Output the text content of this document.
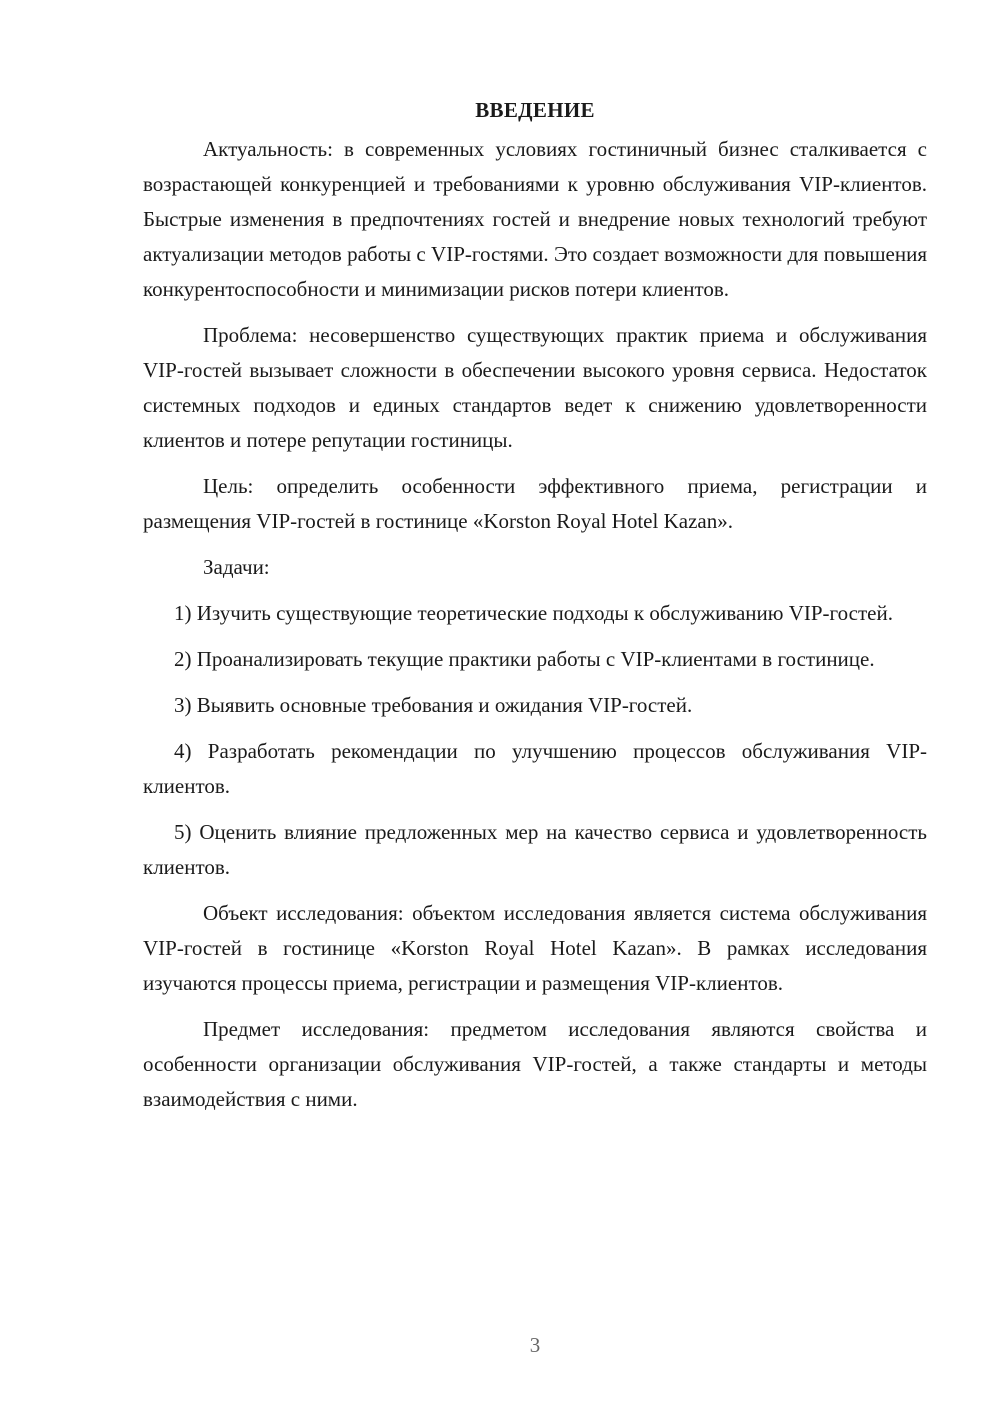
ВВЕДЕНИЕ

Актуальность: в современных условиях гостиничный бизнес сталкивается с возрастающей конкуренцией и требованиями к уровню обслуживания VIP-клиентов. Быстрые изменения в предпочтениях гостей и внедрение новых технологий требуют актуализации методов работы с VIP-гостями. Это создает возможности для повышения конкурентоспособности и минимизации рисков потери клиентов.

Проблема: несовершенство существующих практик приема и обслуживания VIP-гостей вызывает сложности в обеспечении высокого уровня сервиса. Недостаток системных подходов и единых стандартов ведет к снижению удовлетворенности клиентов и потере репутации гостиницы.

Цель: определить особенности эффективного приема, регистрации и размещения VIP-гостей в гостинице «Korston Royal Hotel Kazan».

Задачи:

1) Изучить существующие теоретические подходы к обслуживанию VIP-гостей.

2) Проанализировать текущие практики работы с VIP-клиентами в гостинице.

3) Выявить основные требования и ожидания VIP-гостей.

4) Разработать рекомендации по улучшению процессов обслуживания VIP-клиентов.

5) Оценить влияние предложенных мер на качество сервиса и удовлетворенность клиентов.

Объект исследования: объектом исследования является система обслуживания VIP-гостей в гостинице «Korston Royal Hotel Kazan». В рамках исследования изучаются процессы приема, регистрации и размещения VIP-клиентов.

Предмет исследования: предметом исследования являются свойства и особенности организации обслуживания VIP-гостей, а также стандарты и методы взаимодействия с ними.

3
